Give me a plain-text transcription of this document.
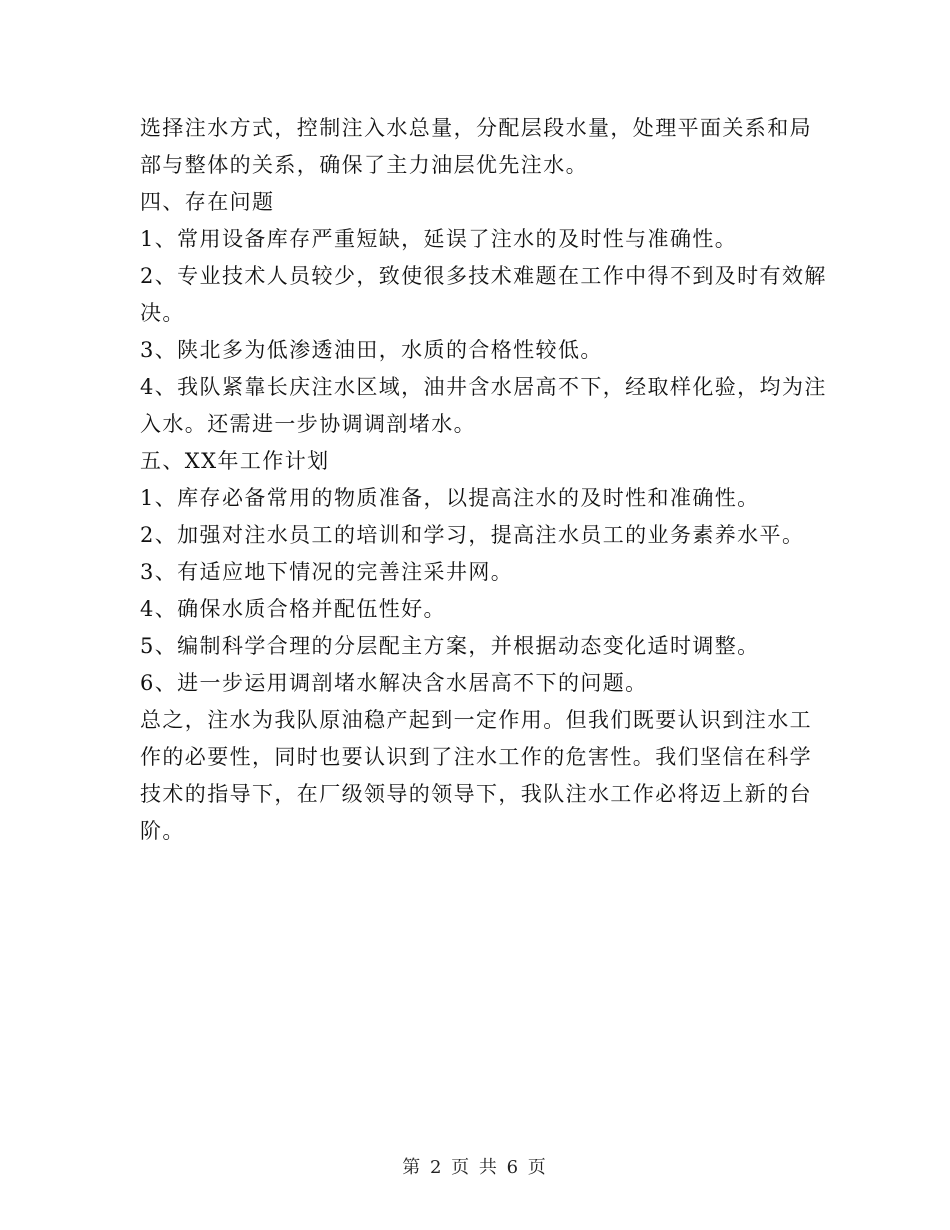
选择注水方式，控制注入水总量，分配层段水量，处理平面关系和局
部与整体的关系，确保了主力油层优先注水。
四、存在问题
1、常用设备库存严重短缺，延误了注水的及时性与准确性。
2、专业技术人员较少，致使很多技术难题在工作中得不到及时有效解
决。
3、陕北多为低渗透油田，水质的合格性较低。
4、我队紧靠长庆注水区域，油井含水居高不下，经取样化验，均为注
入水。还需进一步协调调剖堵水。
五、XX年工作计划
1、库存必备常用的物质准备，以提高注水的及时性和准确性。
2、加强对注水员工的培训和学习，提高注水员工的业务素养水平。
3、有适应地下情况的完善注采井网。
4、确保水质合格并配伍性好。
5、编制科学合理的分层配主方案，并根据动态变化适时调整。
6、进一步运用调剖堵水解决含水居高不下的问题。
总之，注水为我队原油稳产起到一定作用。但我们既要认识到注水工
作的必要性，同时也要认识到了注水工作的危害性。我们坚信在科学
技术的指导下，在厂级领导的领导下，我队注水工作必将迈上新的台
阶。
第 2 页 共 6 页
